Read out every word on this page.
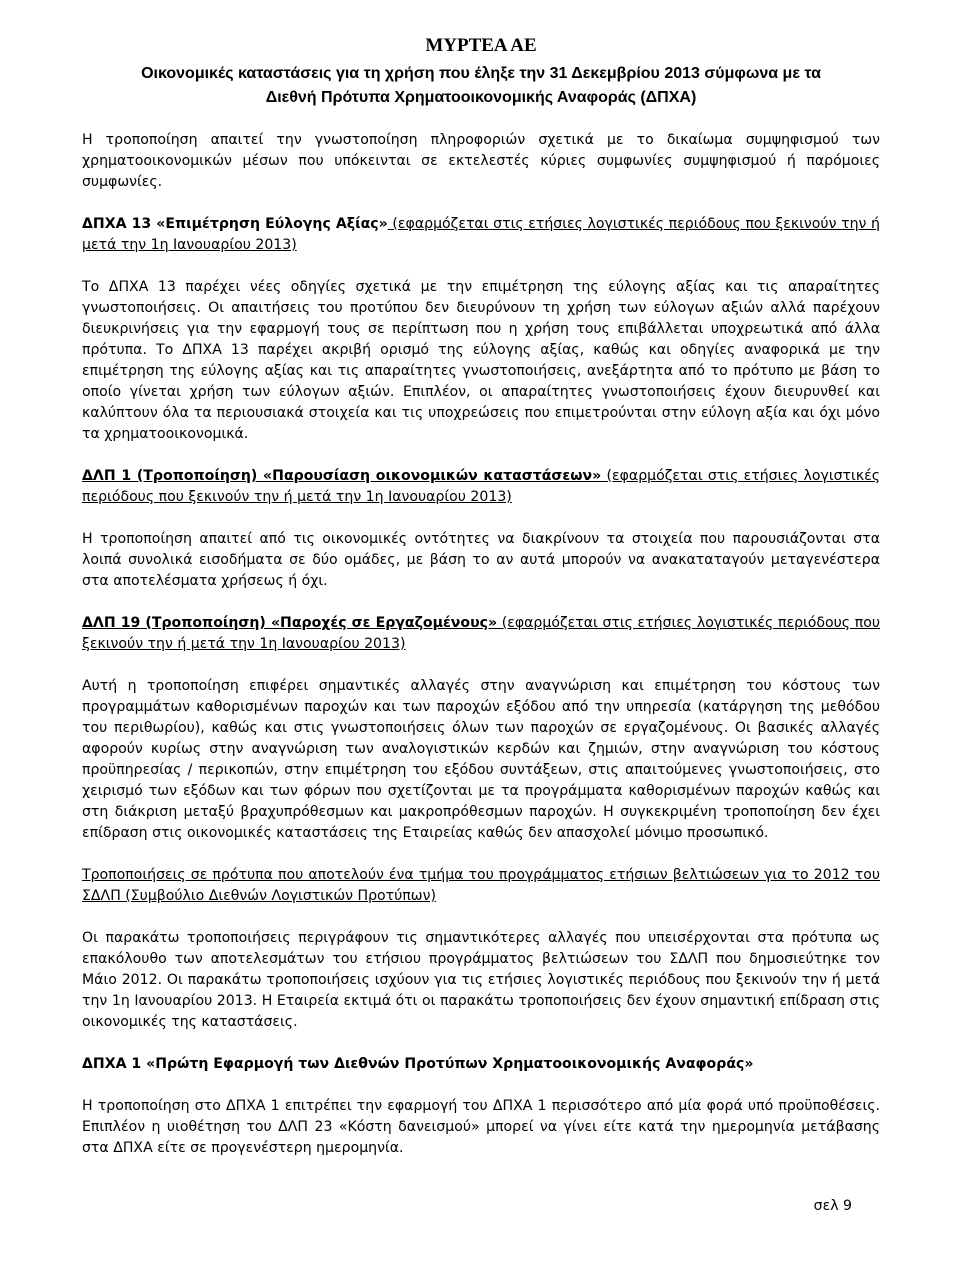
ΜΥΡΤΕΑ ΑΕ
Οικονομικές καταστάσεις για τη χρήση που έληξε την 31 Δεκεμβρίου 2013 σύμφωνα με τα
Διεθνή Πρότυπα Χρηματοοικονομικής Αναφοράς (ΔΠΧΑ)

Η τροποποίηση απαιτεί την γνωστοποίηση πληροφοριών σχετικά με το δικαίωμα συμψηφισμού των χρηματοοικονομικών μέσων που υπόκεινται σε εκτελεστές κύριες συμφωνίες συμψηφισμού ή παρόμοιες συμφωνίες.

ΔΠΧΑ 13 «Επιμέτρηση Εύλογης Αξίας» (εφαρμόζεται στις ετήσιες λογιστικές περιόδους που ξεκινούν την ή μετά την 1η Ιανουαρίου 2013)

Το ΔΠΧΑ 13 παρέχει νέες οδηγίες σχετικά με την επιμέτρηση της εύλογης αξίας και τις απαραίτητες γνωστοποιήσεις. Οι απαιτήσεις του προτύπου δεν διευρύνουν τη χρήση των εύλογων αξιών αλλά παρέχουν διευκρινήσεις για την εφαρμογή τους σε περίπτωση που η χρήση τους επιβάλλεται υποχρεωτικά από άλλα πρότυπα. Το ΔΠΧΑ 13 παρέχει ακριβή ορισμό της εύλογης αξίας, καθώς και οδηγίες αναφορικά με την επιμέτρηση της εύλογης αξίας και τις απαραίτητες γνωστοποιήσεις, ανεξάρτητα από το πρότυπο με βάση το οποίο γίνεται χρήση των εύλογων αξιών. Επιπλέον, οι απαραίτητες γνωστοποιήσεις έχουν διευρυνθεί και καλύπτουν όλα τα περιουσιακά στοιχεία και τις υποχρεώσεις που επιμετρούνται στην εύλογη αξία και όχι μόνο τα χρηματοοικονομικά.

ΔΛΠ 1 (Τροποποίηση) «Παρουσίαση οικονομικών καταστάσεων» (εφαρμόζεται στις ετήσιες λογιστικές περιόδους που ξεκινούν την ή μετά την 1η Ιανουαρίου 2013)

Η τροποποίηση απαιτεί από τις οικονομικές οντότητες να διακρίνουν τα στοιχεία που παρουσιάζονται στα λοιπά συνολικά εισοδήματα σε δύο ομάδες, με βάση το αν αυτά μπορούν να ανακαταταγούν μεταγενέστερα στα αποτελέσματα χρήσεως ή όχι.

ΔΛΠ 19 (Τροποποίηση) «Παροχές σε Εργαζομένους» (εφαρμόζεται στις ετήσιες λογιστικές περιόδους που ξεκινούν την ή μετά την 1η Ιανουαρίου 2013)

Αυτή η τροποποίηση επιφέρει σημαντικές αλλαγές στην αναγνώριση και επιμέτρηση του κόστους των προγραμμάτων καθορισμένων παροχών και των παροχών εξόδου από την υπηρεσία (κατάργηση της μεθόδου του περιθωρίου), καθώς και στις γνωστοποιήσεις όλων των παροχών σε εργαζομένους. Οι βασικές αλλαγές αφορούν κυρίως στην αναγνώριση των αναλογιστικών κερδών και ζημιών, στην αναγνώριση του κόστους προϋπηρεσίας / περικοπών, στην επιμέτρηση του εξόδου συντάξεων, στις απαιτούμενες γνωστοποιήσεις, στο χειρισμό των εξόδων και των φόρων που σχετίζονται με τα προγράμματα καθορισμένων παροχών καθώς και στη διάκριση μεταξύ βραχυπρόθεσμων και μακροπρόθεσμων παροχών. Η συγκεκριμένη τροποποίηση δεν έχει επίδραση στις οικονομικές καταστάσεις της Εταιρείας καθώς δεν απασχολεί μόνιμο προσωπικό.

Τροποποιήσεις σε πρότυπα που αποτελούν ένα τμήμα του προγράμματος ετήσιων βελτιώσεων για το 2012 του ΣΔΛΠ (Συμβούλιο Διεθνών Λογιστικών Προτύπων)

Οι παρακάτω τροποποιήσεις περιγράφουν τις σημαντικότερες αλλαγές που υπεισέρχονται στα πρότυπα ως επακόλουθο των αποτελεσμάτων του ετήσιου προγράμματος βελτιώσεων του ΣΔΛΠ που δημοσιεύτηκε τον Μάιο 2012. Οι παρακάτω τροποποιήσεις ισχύουν για τις ετήσιες λογιστικές περιόδους που ξεκινούν την ή μετά την 1η Ιανουαρίου 2013. Η Εταιρεία εκτιμά ότι οι παρακάτω τροποποιήσεις δεν έχουν σημαντική επίδραση στις οικονομικές της καταστάσεις.

ΔΠΧΑ 1 «Πρώτη Εφαρμογή των Διεθνών Προτύπων Χρηματοοικονομικής Αναφοράς»

Η τροποποίηση στο ΔΠΧΑ 1 επιτρέπει την εφαρμογή του ΔΠΧΑ 1 περισσότερο από μία φορά υπό προϋποθέσεις. Επιπλέον η υιοθέτηση του ΔΛΠ 23 «Κόστη δανεισμού» μπορεί να γίνει είτε κατά την ημερομηνία μετάβασης στα ΔΠΧΑ είτε σε προγενέστερη ημερομηνία.

σελ 9
